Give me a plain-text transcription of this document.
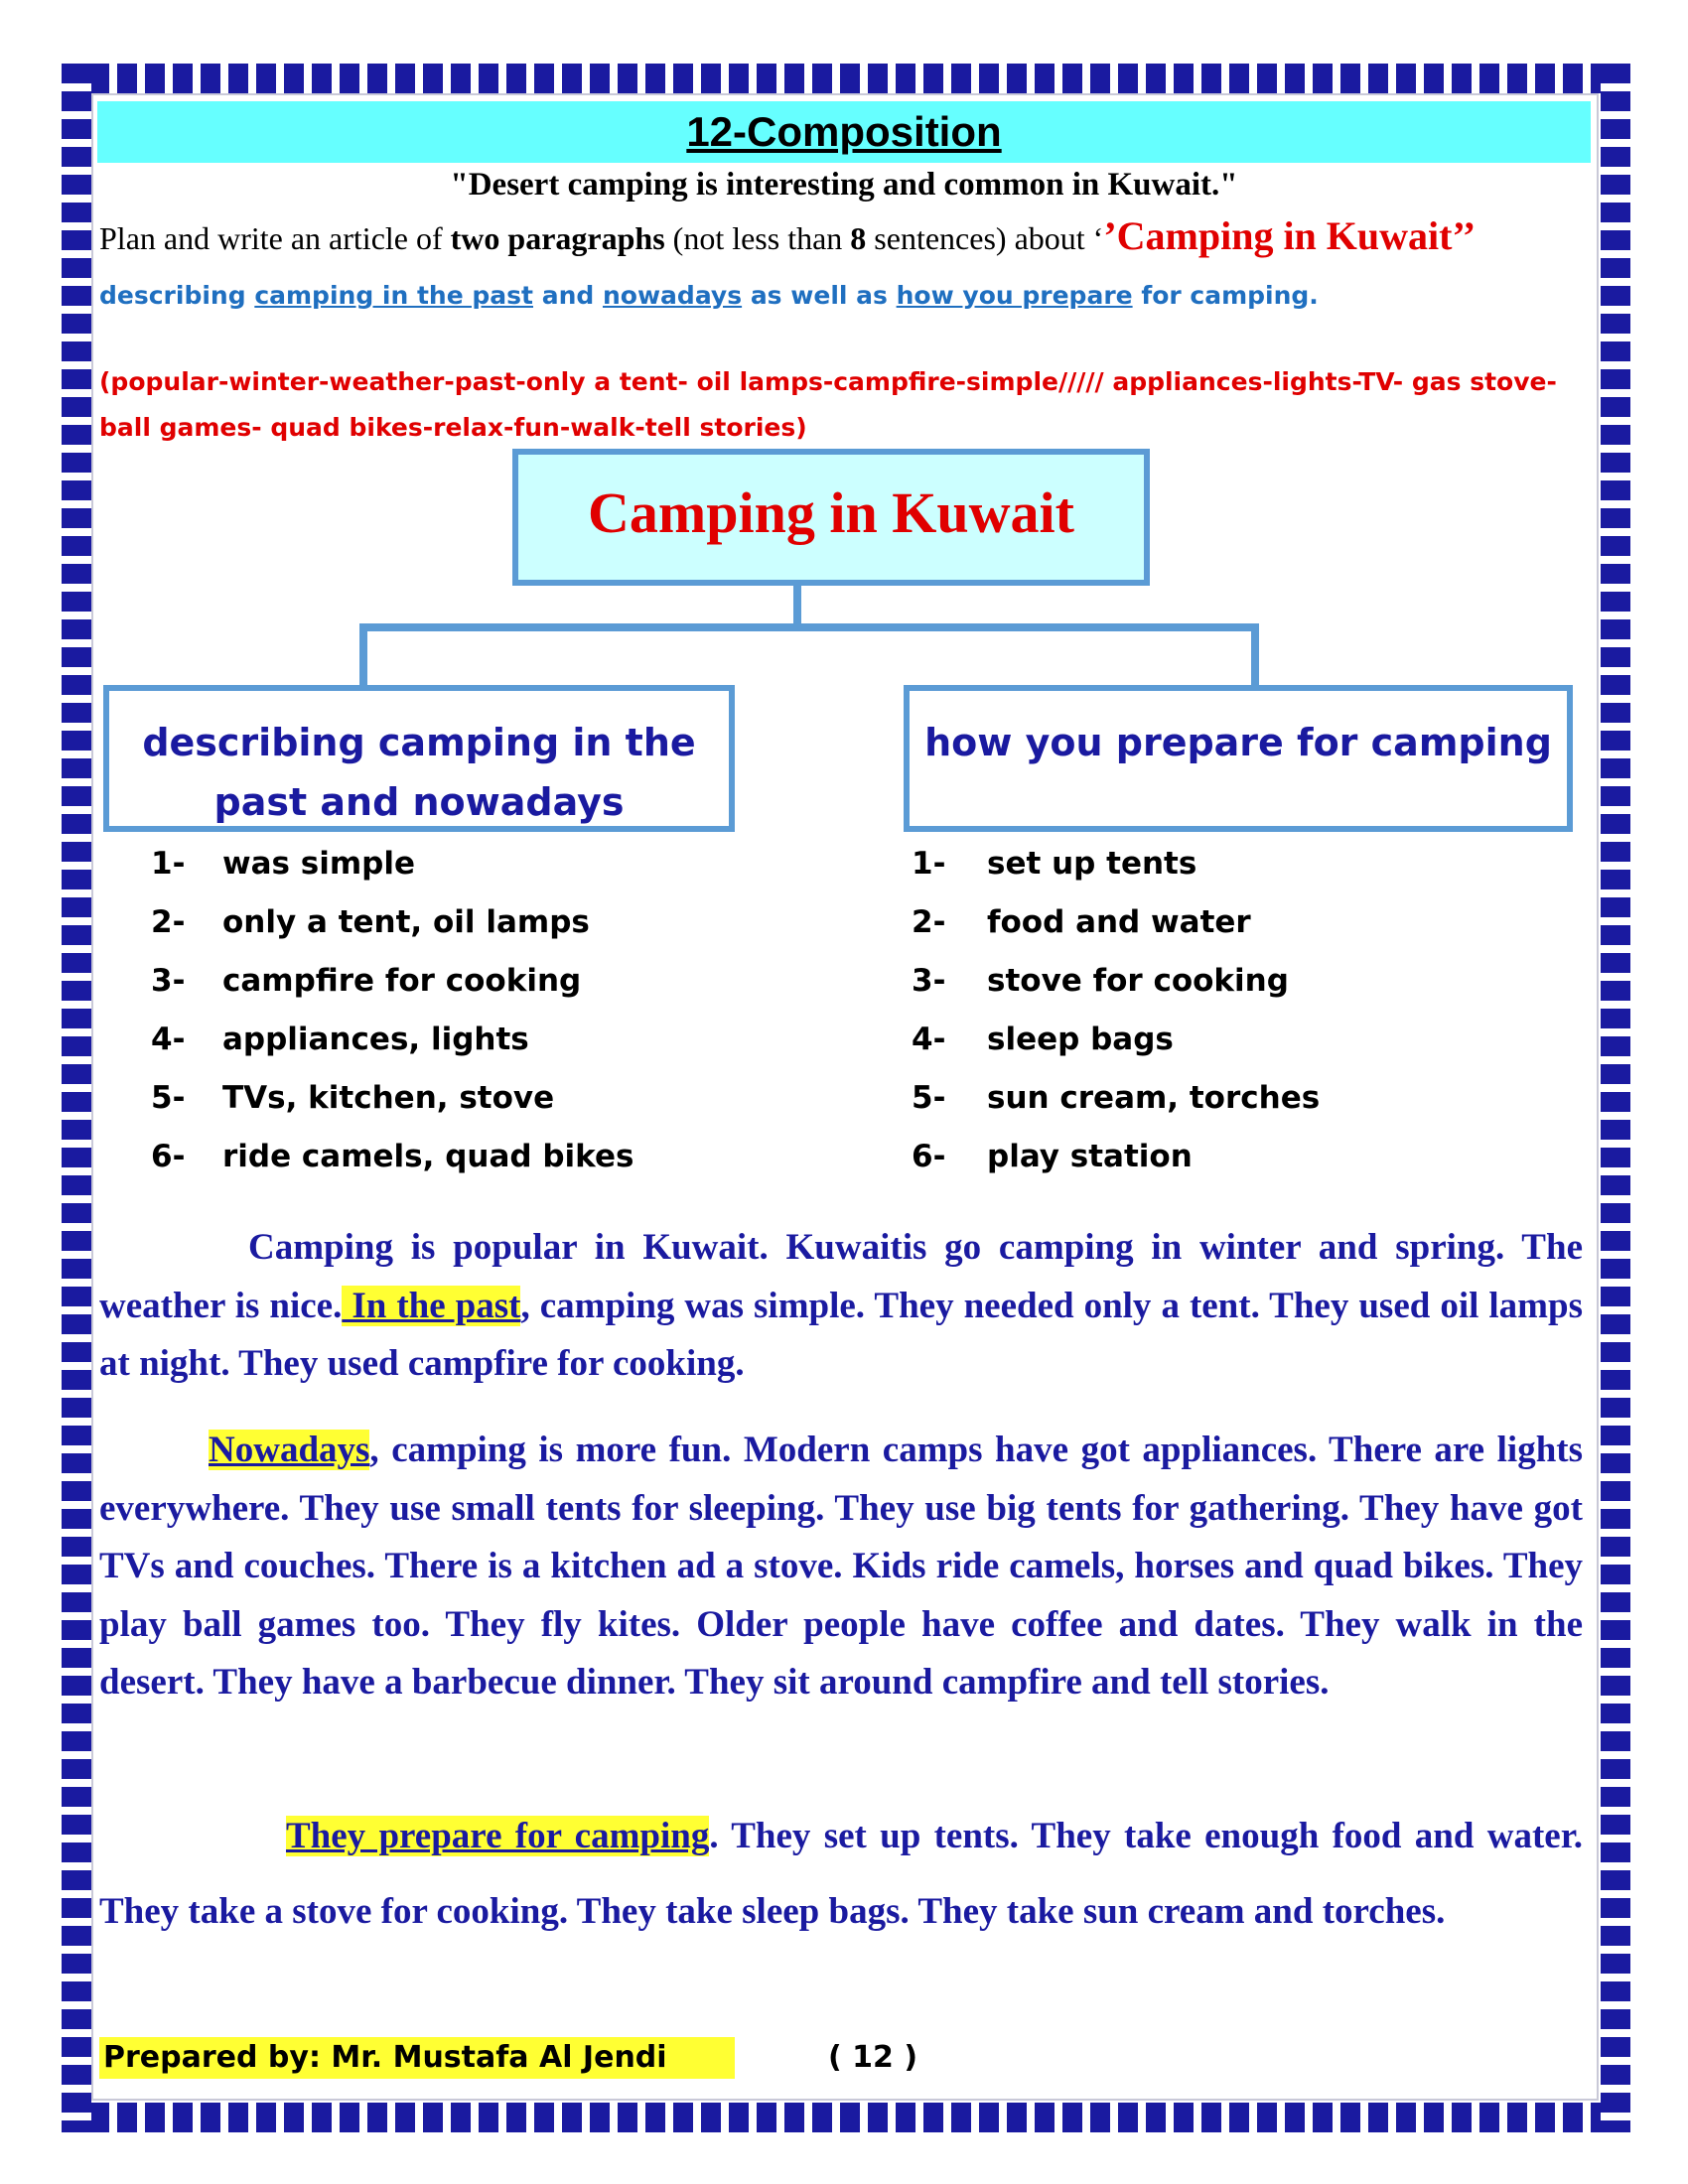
12-Composition
"Desert camping is interesting and common in Kuwait."
Plan and write an article of two paragraphs (not less than 8 sentences) about ‘’Camping in Kuwait’’ describing camping in the past and nowadays as well as how you prepare for camping.
(popular-winter-weather-past-only a tent- oil lamps-campfire-simple///// appliances-lights-TV- gas stove-ball games- quad bikes-relax-fun-walk-tell stories)
Camping in Kuwait
describing camping in the past and nowadays
how you prepare for camping
1- was simple
2- only a tent, oil lamps
3- campfire for cooking
4- appliances, lights
5- TVs, kitchen, stove
6- ride camels, quad bikes
1- set up tents
2- food and water
3- stove for cooking
4- sleep bags
5- sun cream, torches
6- play station
Camping is popular in Kuwait. Kuwaitis go camping in winter and spring. The weather is nice. In the past, camping was simple. They needed only a tent. They used oil lamps at night. They used campfire for cooking.
Nowadays, camping is more fun. Modern camps have got appliances. There are lights everywhere. They use small tents for sleeping. They use big tents for gathering. They have got TVs and couches. There is a kitchen ad a stove. Kids ride camels, horses and quad bikes. They play ball games too. They fly kites. Older people have coffee and dates. They walk in the desert. They have a barbecue dinner. They sit around campfire and tell stories.
They prepare for camping. They set up tents. They take enough food and water. They take a stove for cooking. They take sleep bags. They take sun cream and torches.
Prepared by: Mr. Mustafa Al Jendi	( 12 )
